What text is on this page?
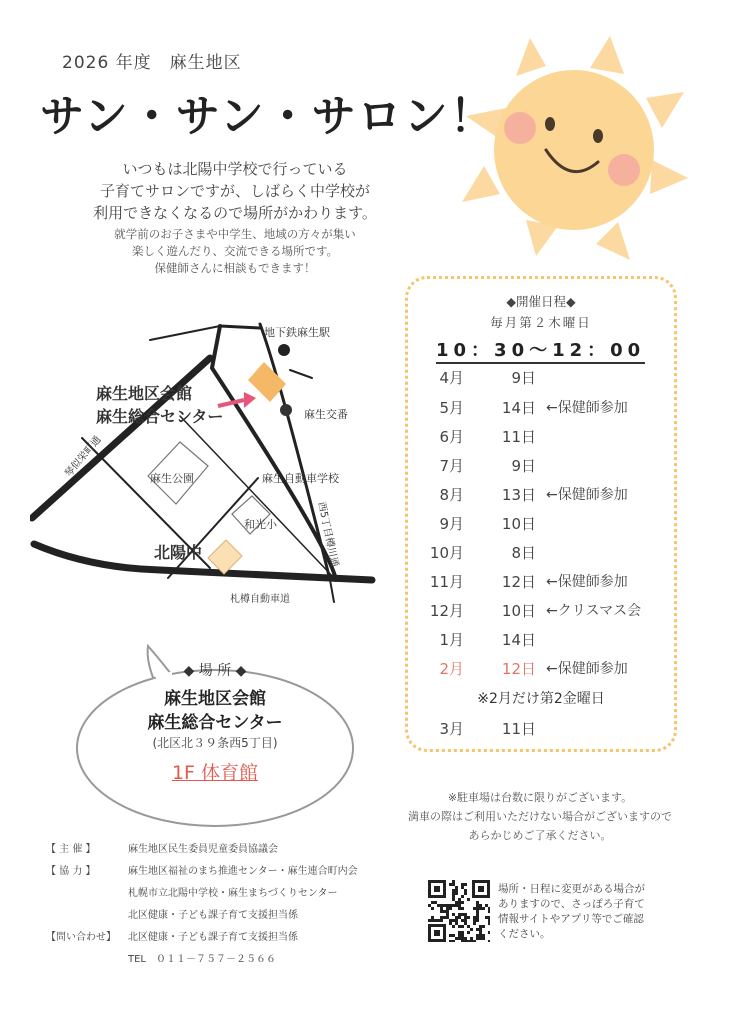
2026 年度　麻生地区
サン・サン・サロン！

いつもは北陽中学校で行っている

子育てサロンですが、しばらく中学校が

利用できなくなるので場所がかわります。

就学前のお子さまや中学生、地域の方々が集い

楽しく遊んだり、交流できる場所です。

保健師さんに相談もできます！

地下鉄麻生駅
麻生地区会館
麻生総合センター	麻生交番
琴似栄町通	麻生公園	麻生自動車学校
和光小	西5丁目樽川通
北陽中
札樽自動車道
◆ 場 所 ◆
麻生地区会館
麻生総合センター
(北区北３９条西5丁目)
1F 体育館
◆開催日程◆
毎月第２木曜日
10：30～12：00
4月	9日
5月	14日 ←保健師参加
6月	11日
7月	9日
8月	13日 ←保健師参加
9月	10日
10月	8日
11月	12日 ←保健師参加
12月	10日 ←クリスマス会
1月	14日
2月	12日 ←保健師参加
3月	11日
※2月だけ第2金曜日

※駐車場は台数に限りがございます。

満車の際はご利用いただけない場合がございますので

あらかじめご了承ください。

【 主 催 】	麻生地区民生委員児童委員協議会
【 協 力 】	麻生地区福祉のまち推進センター・麻生連合町内会
札幌市立北陽中学校・麻生まちづくりセンター
北区健康・子ども課子育て支援担当係
【問い合わせ】 北区健康・子ども課子育て支援担当係
TEL　０１１－７５７－２５６６

場所・日程に変更がある場合が

ありますので、さっぽろ子育て

情報サイトやアプリ等でご確認

ください。
